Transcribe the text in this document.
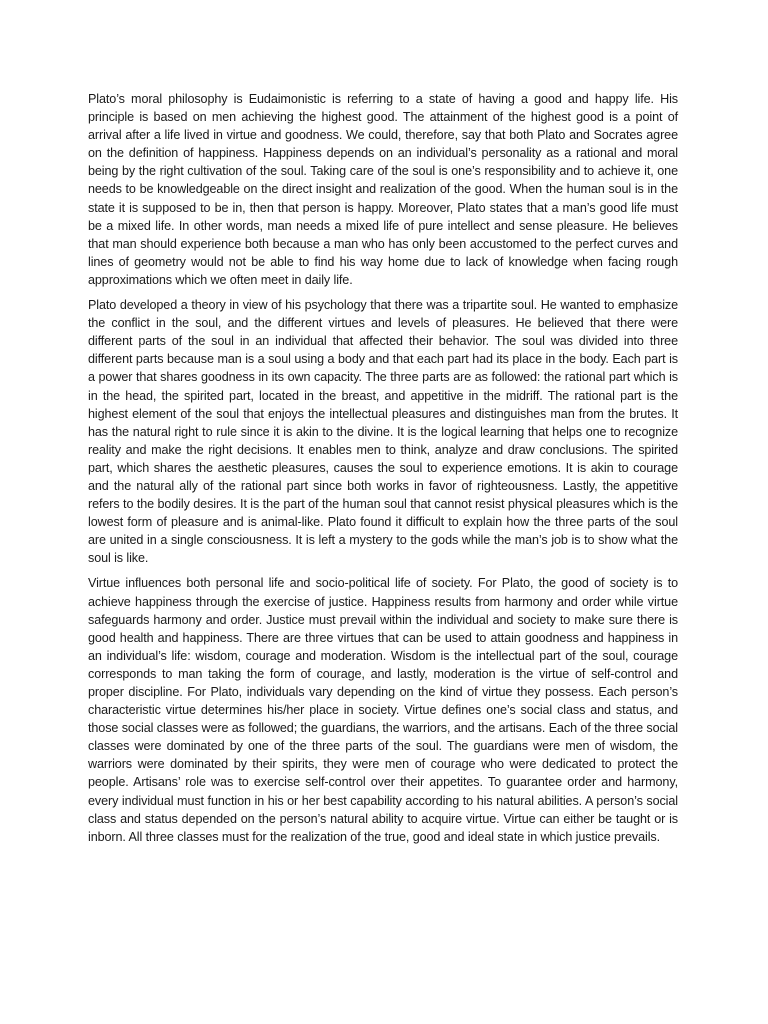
Plato’s moral philosophy is Eudaimonistic is referring to a state of having a good and happy life. His principle is based on men achieving the highest good. The attainment of the highest good is a point of arrival after a life lived in virtue and goodness. We could, therefore, say that both Plato and Socrates agree on the definition of happiness. Happiness depends on an individual’s personality as a rational and moral being by the right cultivation of the soul. Taking care of the soul is one’s responsibility and to achieve it, one needs to be knowledgeable on the direct insight and realization of the good. When the human soul is in the state it is supposed to be in, then that person is happy. Moreover, Plato states that a man’s good life must be a mixed life. In other words, man needs a mixed life of pure intellect and sense pleasure. He believes that man should experience both because a man who has only been accustomed to the perfect curves and lines of geometry would not be able to find his way home due to lack of knowledge when facing rough approximations which we often meet in daily life.

Plato developed a theory in view of his psychology that there was a tripartite soul. He wanted to emphasize the conflict in the soul, and the different virtues and levels of pleasures. He believed that there were different parts of the soul in an individual that affected their behavior. The soul was divided into three different parts because man is a soul using a body and that each part had its place in the body. Each part is a power that shares goodness in its own capacity. The three parts are as followed: the rational part which is in the head, the spirited part, located in the breast, and appetitive in the midriff. The rational part is the highest element of the soul that enjoys the intellectual pleasures and distinguishes man from the brutes. It has the natural right to rule since it is akin to the divine. It is the logical learning that helps one to recognize reality and make the right decisions. It enables men to think, analyze and draw conclusions. The spirited part, which shares the aesthetic pleasures, causes the soul to experience emotions. It is akin to courage and the natural ally of the rational part since both works in favor of righteousness. Lastly, the appetitive refers to the bodily desires. It is the part of the human soul that cannot resist physical pleasures which is the lowest form of pleasure and is animal-like. Plato found it difficult to explain how the three parts of the soul are united in a single consciousness. It is left a mystery to the gods while the man’s job is to show what the soul is like.

Virtue influences both personal life and socio-political life of society. For Plato, the good of society is to achieve happiness through the exercise of justice. Happiness results from harmony and order while virtue safeguards harmony and order. Justice must prevail within the individual and society to make sure there is good health and happiness. There are three virtues that can be used to attain goodness and happiness in an individual’s life: wisdom, courage and moderation. Wisdom is the intellectual part of the soul, courage corresponds to man taking the form of courage, and lastly, moderation is the virtue of self-control and proper discipline. For Plato, individuals vary depending on the kind of virtue they possess. Each person’s characteristic virtue determines his/her place in society. Virtue defines one’s social class and status, and those social classes were as followed; the guardians, the warriors, and the artisans. Each of the three social classes were dominated by one of the three parts of the soul. The guardians were men of wisdom, the warriors were dominated by their spirits, they were men of courage who were dedicated to protect the people. Artisans’ role was to exercise self-control over their appetites. To guarantee order and harmony, every individual must function in his or her best capability according to his natural abilities. A person’s social class and status depended on the person’s natural ability to acquire virtue. Virtue can either be taught or is inborn. All three classes must for the realization of the true, good and ideal state in which justice prevails.
